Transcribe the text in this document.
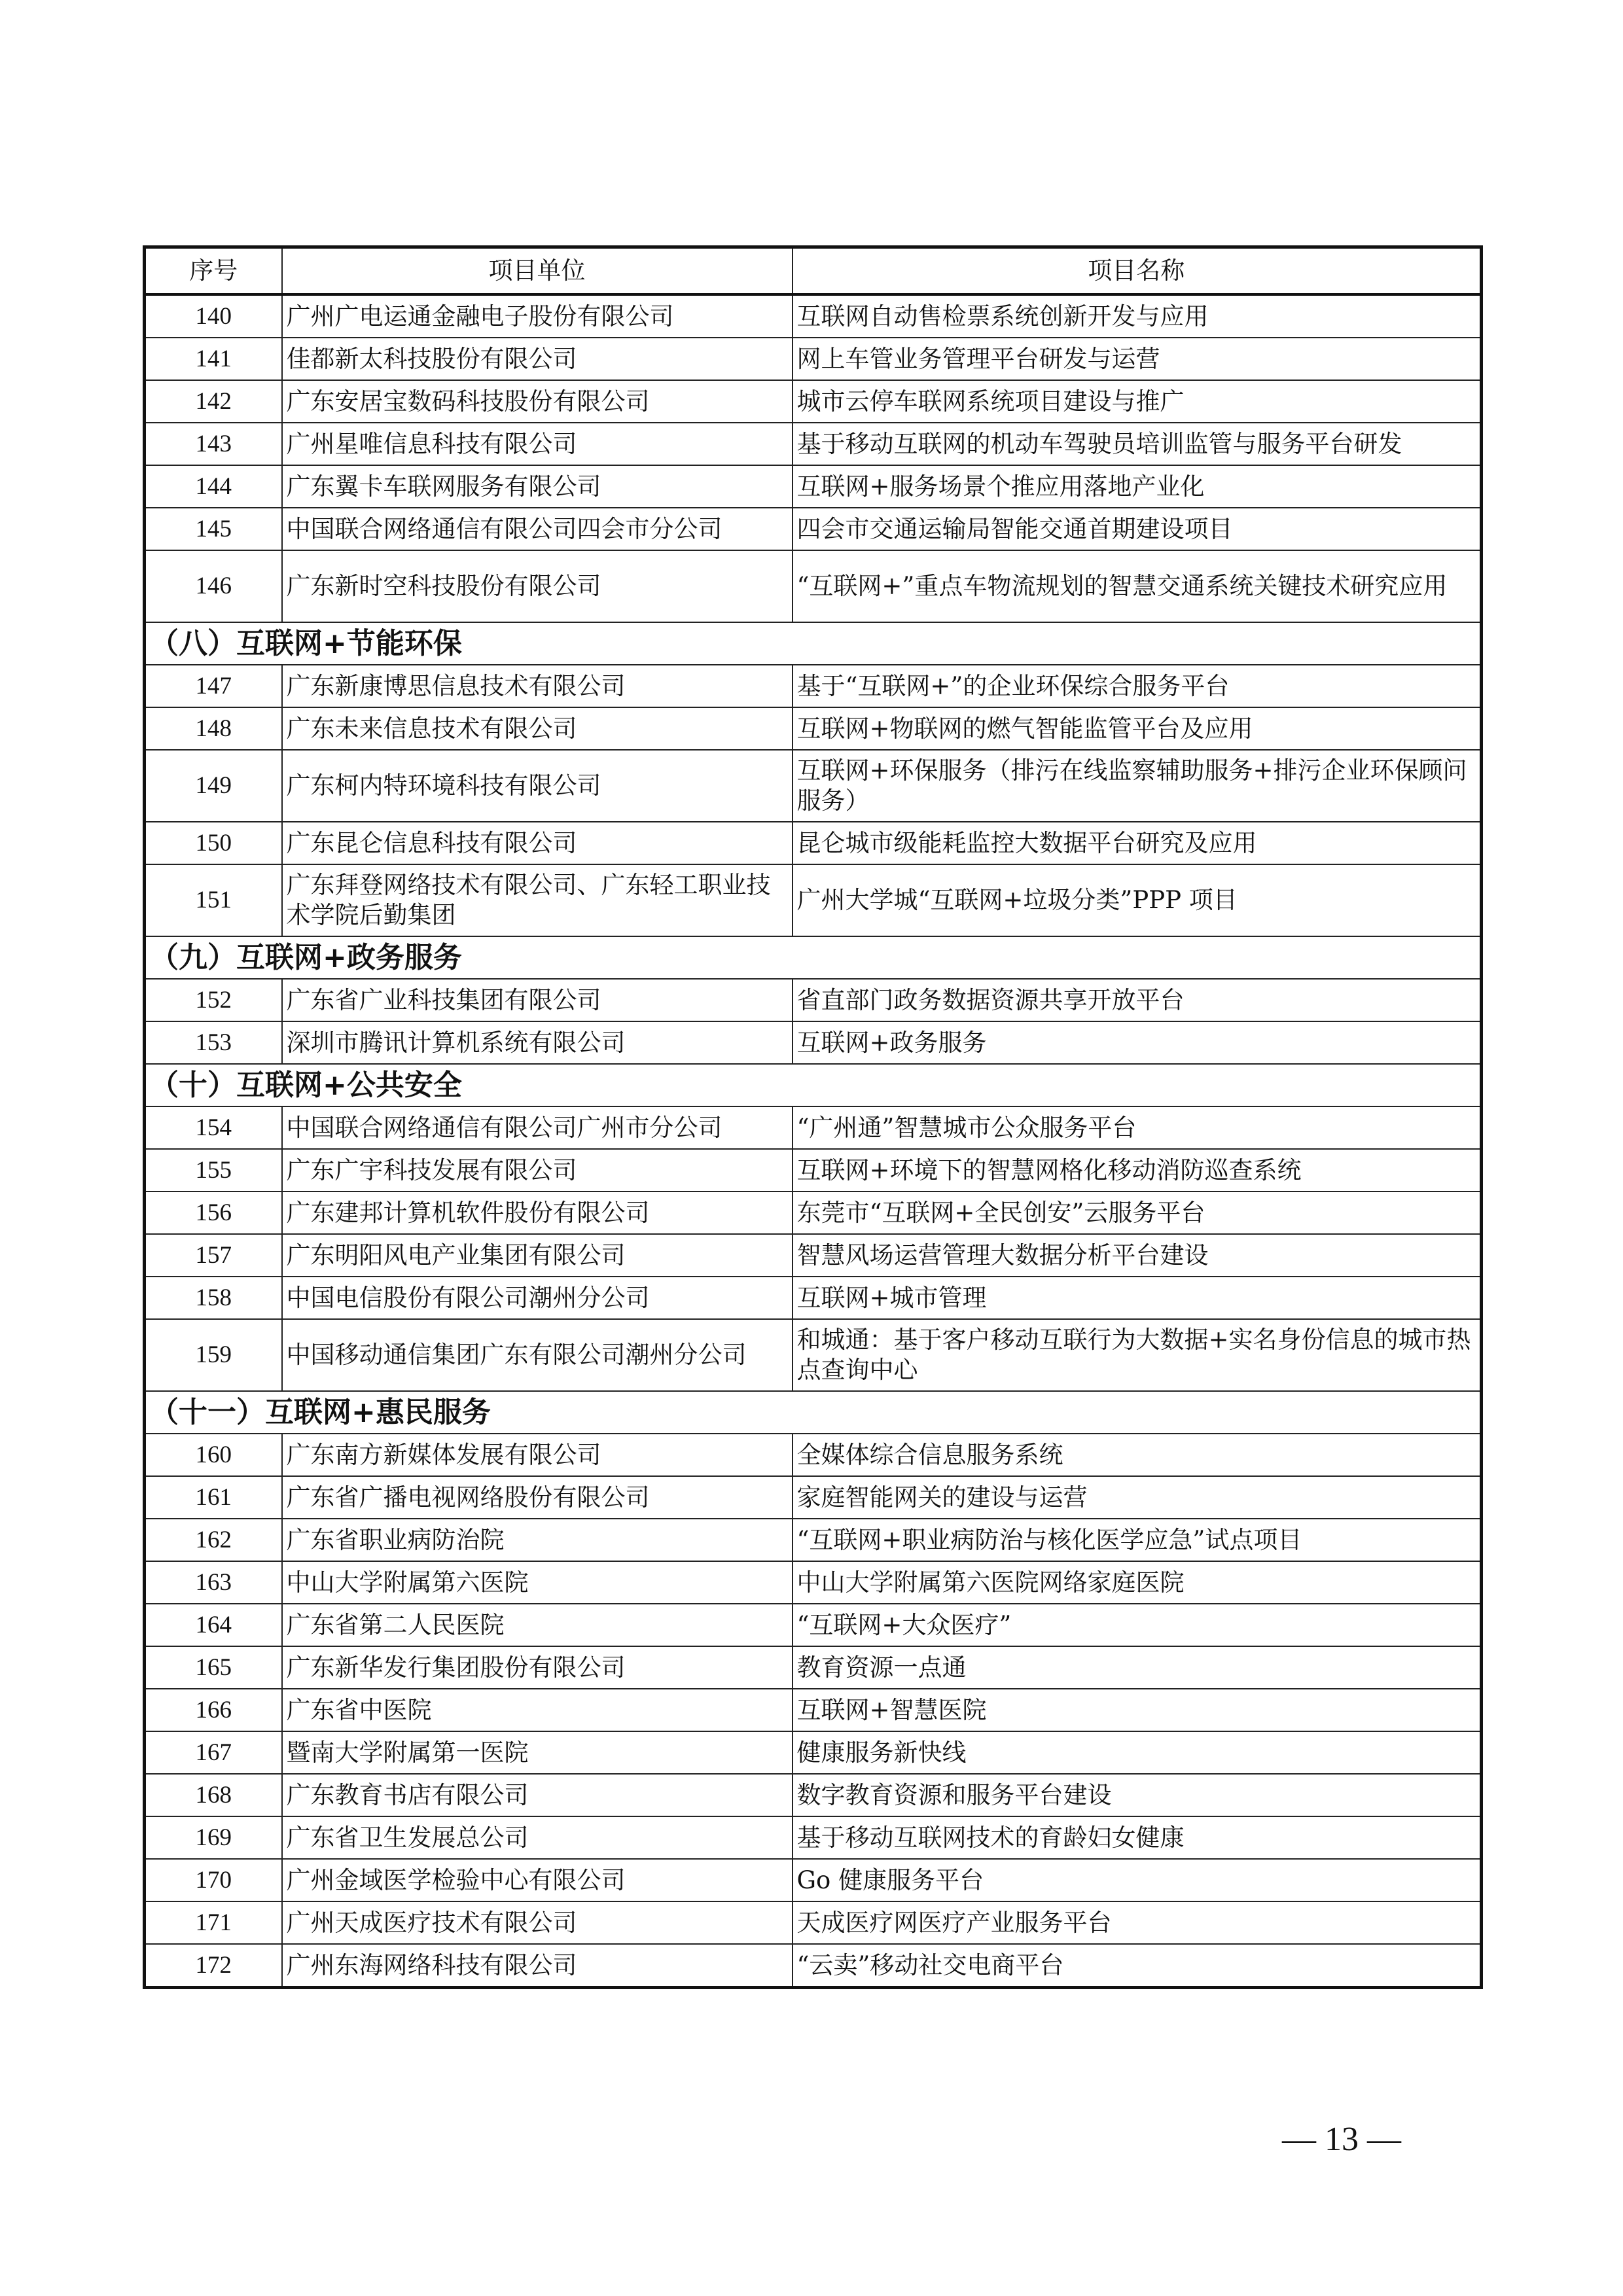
序号	项目单位	项目名称
140	广州广电运通金融电子股份有限公司	互联网自动售检票系统创新开发与应用
141	佳都新太科技股份有限公司	网上车管业务管理平台研发与运营
142	广东安居宝数码科技股份有限公司	城市云停车联网系统项目建设与推广
143	广州星唯信息科技有限公司	基于移动互联网的机动车驾驶员培训监管与服务平台研发
144	广东翼卡车联网服务有限公司	互联网+服务场景个推应用落地产业化
145	中国联合网络通信有限公司四会市分公司	四会市交通运输局智能交通首期建设项目
146	广东新时空科技股份有限公司	“互联网+”重点车物流规划的智慧交通系统关键技术研究应用
（八）互联网+节能环保		
147	广东新康博思信息技术有限公司	基于“互联网+”的企业环保综合服务平台
148	广东未来信息技术有限公司	互联网+物联网的燃气智能监管平台及应用
149	广东柯内特环境科技有限公司	互联网+环保服务（排污在线监察辅助服务+排污企业环保顾问服务）
150	广东昆仑信息科技有限公司	昆仑城市级能耗监控大数据平台研究及应用
151	广东拜登网络技术有限公司、广东轻工职业技术学院后勤集团	广州大学城“互联网+垃圾分类”PPP 项目
（九）互联网+政务服务		
152	广东省广业科技集团有限公司	省直部门政务数据资源共享开放平台
153	深圳市腾讯计算机系统有限公司	互联网+政务服务
（十）互联网+公共安全		
154	中国联合网络通信有限公司广州市分公司	“广州通”智慧城市公众服务平台
155	广东广宇科技发展有限公司	互联网+环境下的智慧网格化移动消防巡查系统
156	广东建邦计算机软件股份有限公司	东莞市“互联网+全民创安”云服务平台
157	广东明阳风电产业集团有限公司	智慧风场运营管理大数据分析平台建设
158	中国电信股份有限公司潮州分公司	互联网+城市管理
159	中国移动通信集团广东有限公司潮州分公司	和城通：基于客户移动互联行为大数据+实名身份信息的城市热点查询中心
（十一）互联网+惠民服务		
160	广东南方新媒体发展有限公司	全媒体综合信息服务系统
161	广东省广播电视网络股份有限公司	家庭智能网关的建设与运营
162	广东省职业病防治院	“互联网+职业病防治与核化医学应急”试点项目
163	中山大学附属第六医院	中山大学附属第六医院网络家庭医院
164	广东省第二人民医院	“互联网+大众医疗”
165	广东新华发行集团股份有限公司	教育资源一点通
166	广东省中医院	互联网+智慧医院
167	暨南大学附属第一医院	健康服务新快线
168	广东教育书店有限公司	数字教育资源和服务平台建设
169	广东省卫生发展总公司	基于移动互联网技术的育龄妇女健康
170	广州金域医学检验中心有限公司	Go 健康服务平台
171	广州天成医疗技术有限公司	天成医疗网医疗产业服务平台
172	广州东海网络科技有限公司	“云卖”移动社交电商平台
— 13 —
